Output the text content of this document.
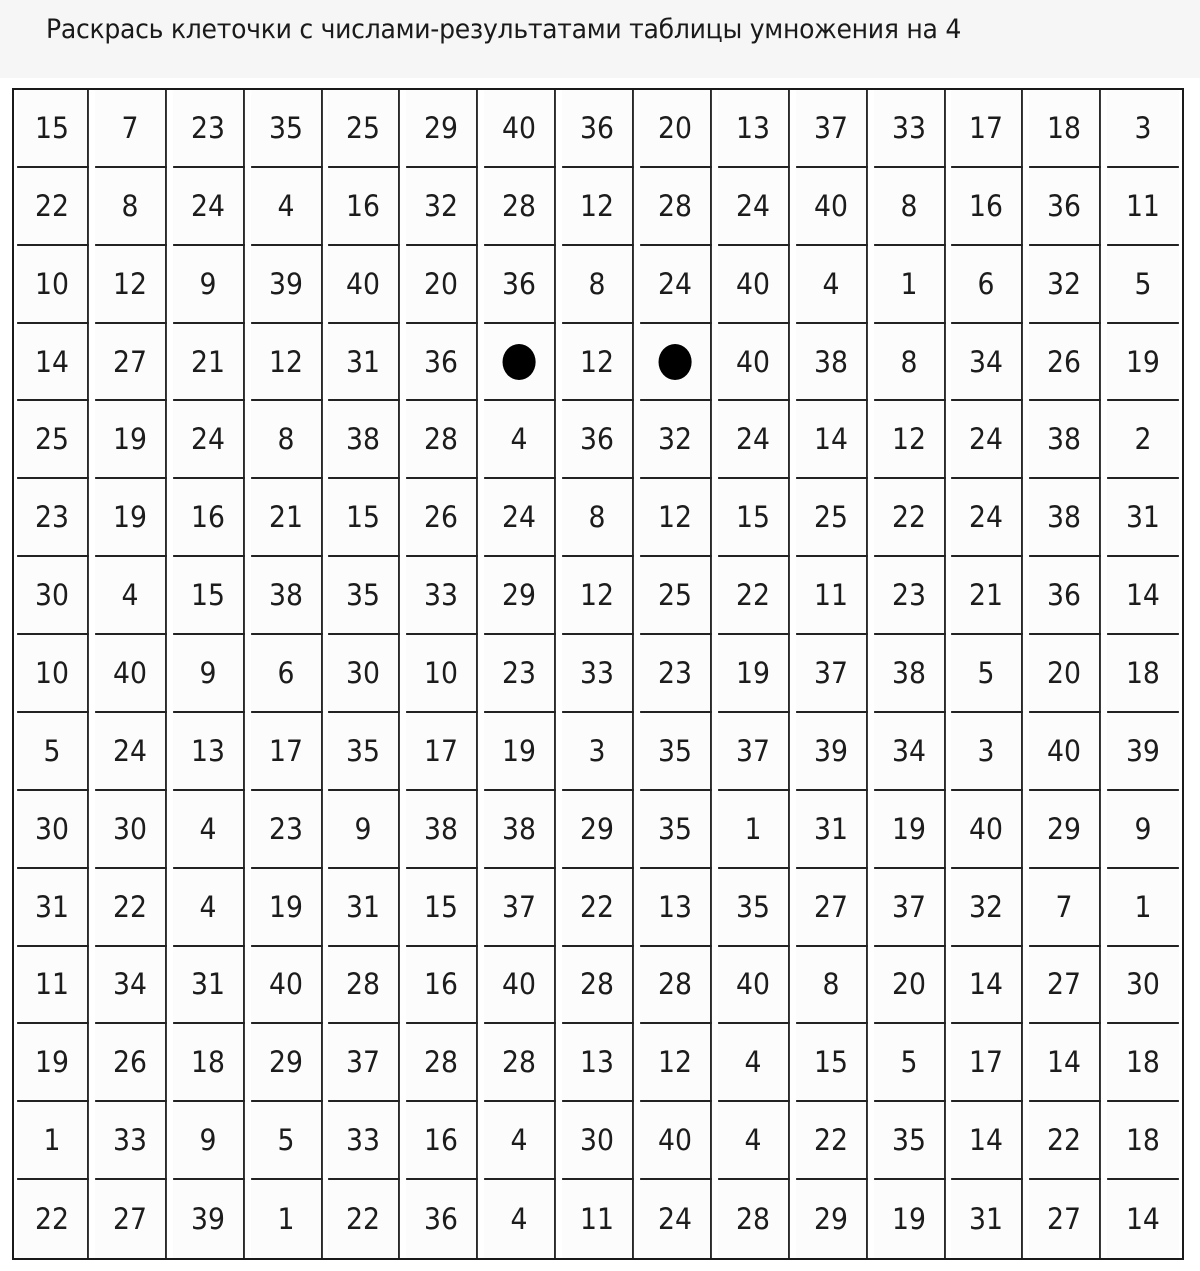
Раскрась клеточки с числами-результатами таблицы умножения на 4
15 7 23 35 25 29 40 36 20 13 37 33 17 18 3
22 8 24 4 16 32 28 12 28 24 40 8 16 36 11
10 12 9 39 40 20 36 8 24 40 4 1 6 32 5
14 27 21 12 31 36	12	40 38 8 34 26 19
25 19 24 8 38 28 4 36 32 24 14 12 24 38 2
23 19 16 21 15 26 24 8 12 15 25 22 24 38 31
30 4 15 38 35 33 29 12 25 22 11 23 21 36 14
10 40 9 6 30 10 23 33 23 19 37 38 5 20 18
5 24 13 17 35 17 19 3 35 37 39 34 3 40 39
30 30 4 23 9 38 38 29 35 1 31 19 40 29 9
31 22 4 19 31 15 37 22 13 35 27 37 32 7 1
11 34 31 40 28 16 40 28 28 40 8 20 14 27 30
19 26 18 29 37 28 28 13 12 4 15 5 17 14 18
1 33 9 5 33 16 4 30 40 4 22 35 14 22 18
22 27 39 1 22 36 4 11 24 28 29 19 31 27 14
